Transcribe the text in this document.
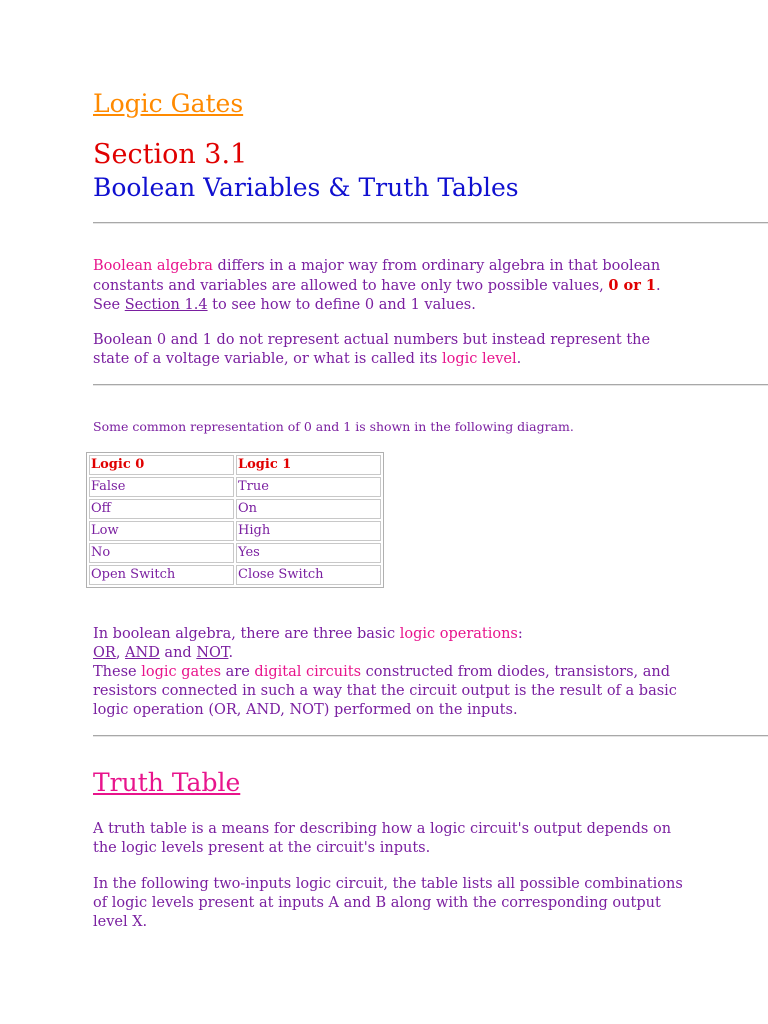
Logic Gates
Section 3.1
Boolean Variables & Truth Tables
Boolean algebra differs in a major way from ordinary algebra in that boolean constants and variables are allowed to have only two possible values, 0 or 1.
See Section 1.4 to see how to define 0 and 1 values.
Boolean 0 and 1 do not represent actual numbers but instead represent the state of a voltage variable, or what is called its logic level.
Some common representation of 0 and 1 is shown in the following diagram.
Logic 0	Logic 1
False	True
Off	On
Low	High
No	Yes
Open Switch	Close Switch
In boolean algebra, there are three basic logic operations:
OR, AND and NOT.
These logic gates are digital circuits constructed from diodes, transistors, and resistors connected in such a way that the circuit output is the result of a basic logic operation (OR, AND, NOT) performed on the inputs.
Truth Table
A truth table is a means for describing how a logic circuit's output depends on the logic levels present at the circuit's inputs.
In the following two-inputs logic circuit, the table lists all possible combinations of logic levels present at inputs A and B along with the corresponding output level X.
